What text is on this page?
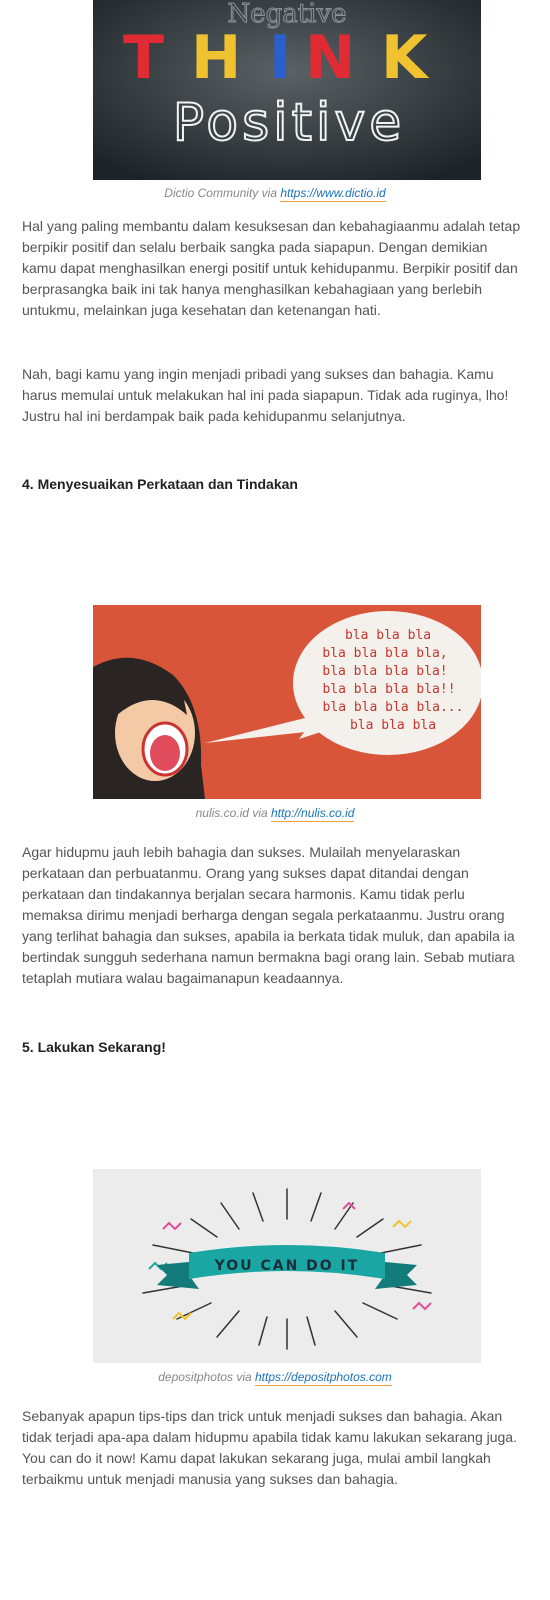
Negative
T H I N K
Positive
Dictio Community via https://www.dictio.id

Hal yang paling membantu dalam kesuksesan dan kebahagiaanmu adalah tetap berpikir positif dan selalu berbaik sangka pada siapapun. Dengan demikian kamu dapat menghasilkan energi positif untuk kehidupanmu. Berpikir positif dan berprasangka baik ini tak hanya menghasilkan kebahagiaan yang berlebih untukmu, melainkan juga kesehatan dan ketenangan hati.

Nah, bagi kamu yang ingin menjadi pribadi yang sukses dan bahagia. Kamu harus memulai untuk melakukan hal ini pada siapapun. Tidak ada ruginya, lho! Justru hal ini berdampak baik pada kehidupanmu selanjutnya.

4. Menyesuaikan Perkataan dan Tindakan
bla bla bla
bla bla bla bla,
bla bla bla bla!
bla bla bla bla!!
bla bla bla bla...
bla bla bla
nulis.co.id via http://nulis.co.id

Agar hidupmu jauh lebih bahagia dan sukses. Mulailah menyelaraskan perkataan dan perbuatanmu. Orang yang sukses dapat ditandai dengan perkataan dan tindakannya berjalan secara harmonis. Kamu tidak perlu memaksa dirimu menjadi berharga dengan segala perkataanmu. Justru orang yang terlihat bahagia dan sukses, apabila ia berkata tidak muluk, dan apabila ia bertindak sungguh sederhana namun bermakna bagi orang lain. Sebab mutiara tetaplah mutiara walau bagaimanapun keadaannya.

5. Lakukan Sekarang!
YOU CAN DO IT
depositphotos via https://depositphotos.com

Sebanyak apapun tips-tips dan trick untuk menjadi sukses dan bahagia. Akan tidak terjadi apa-apa dalam hidupmu apabila tidak kamu lakukan sekarang juga. You can do it now! Kamu dapat lakukan sekarang juga, mulai ambil langkah terbaikmu untuk menjadi manusia yang sukses dan bahagia.
